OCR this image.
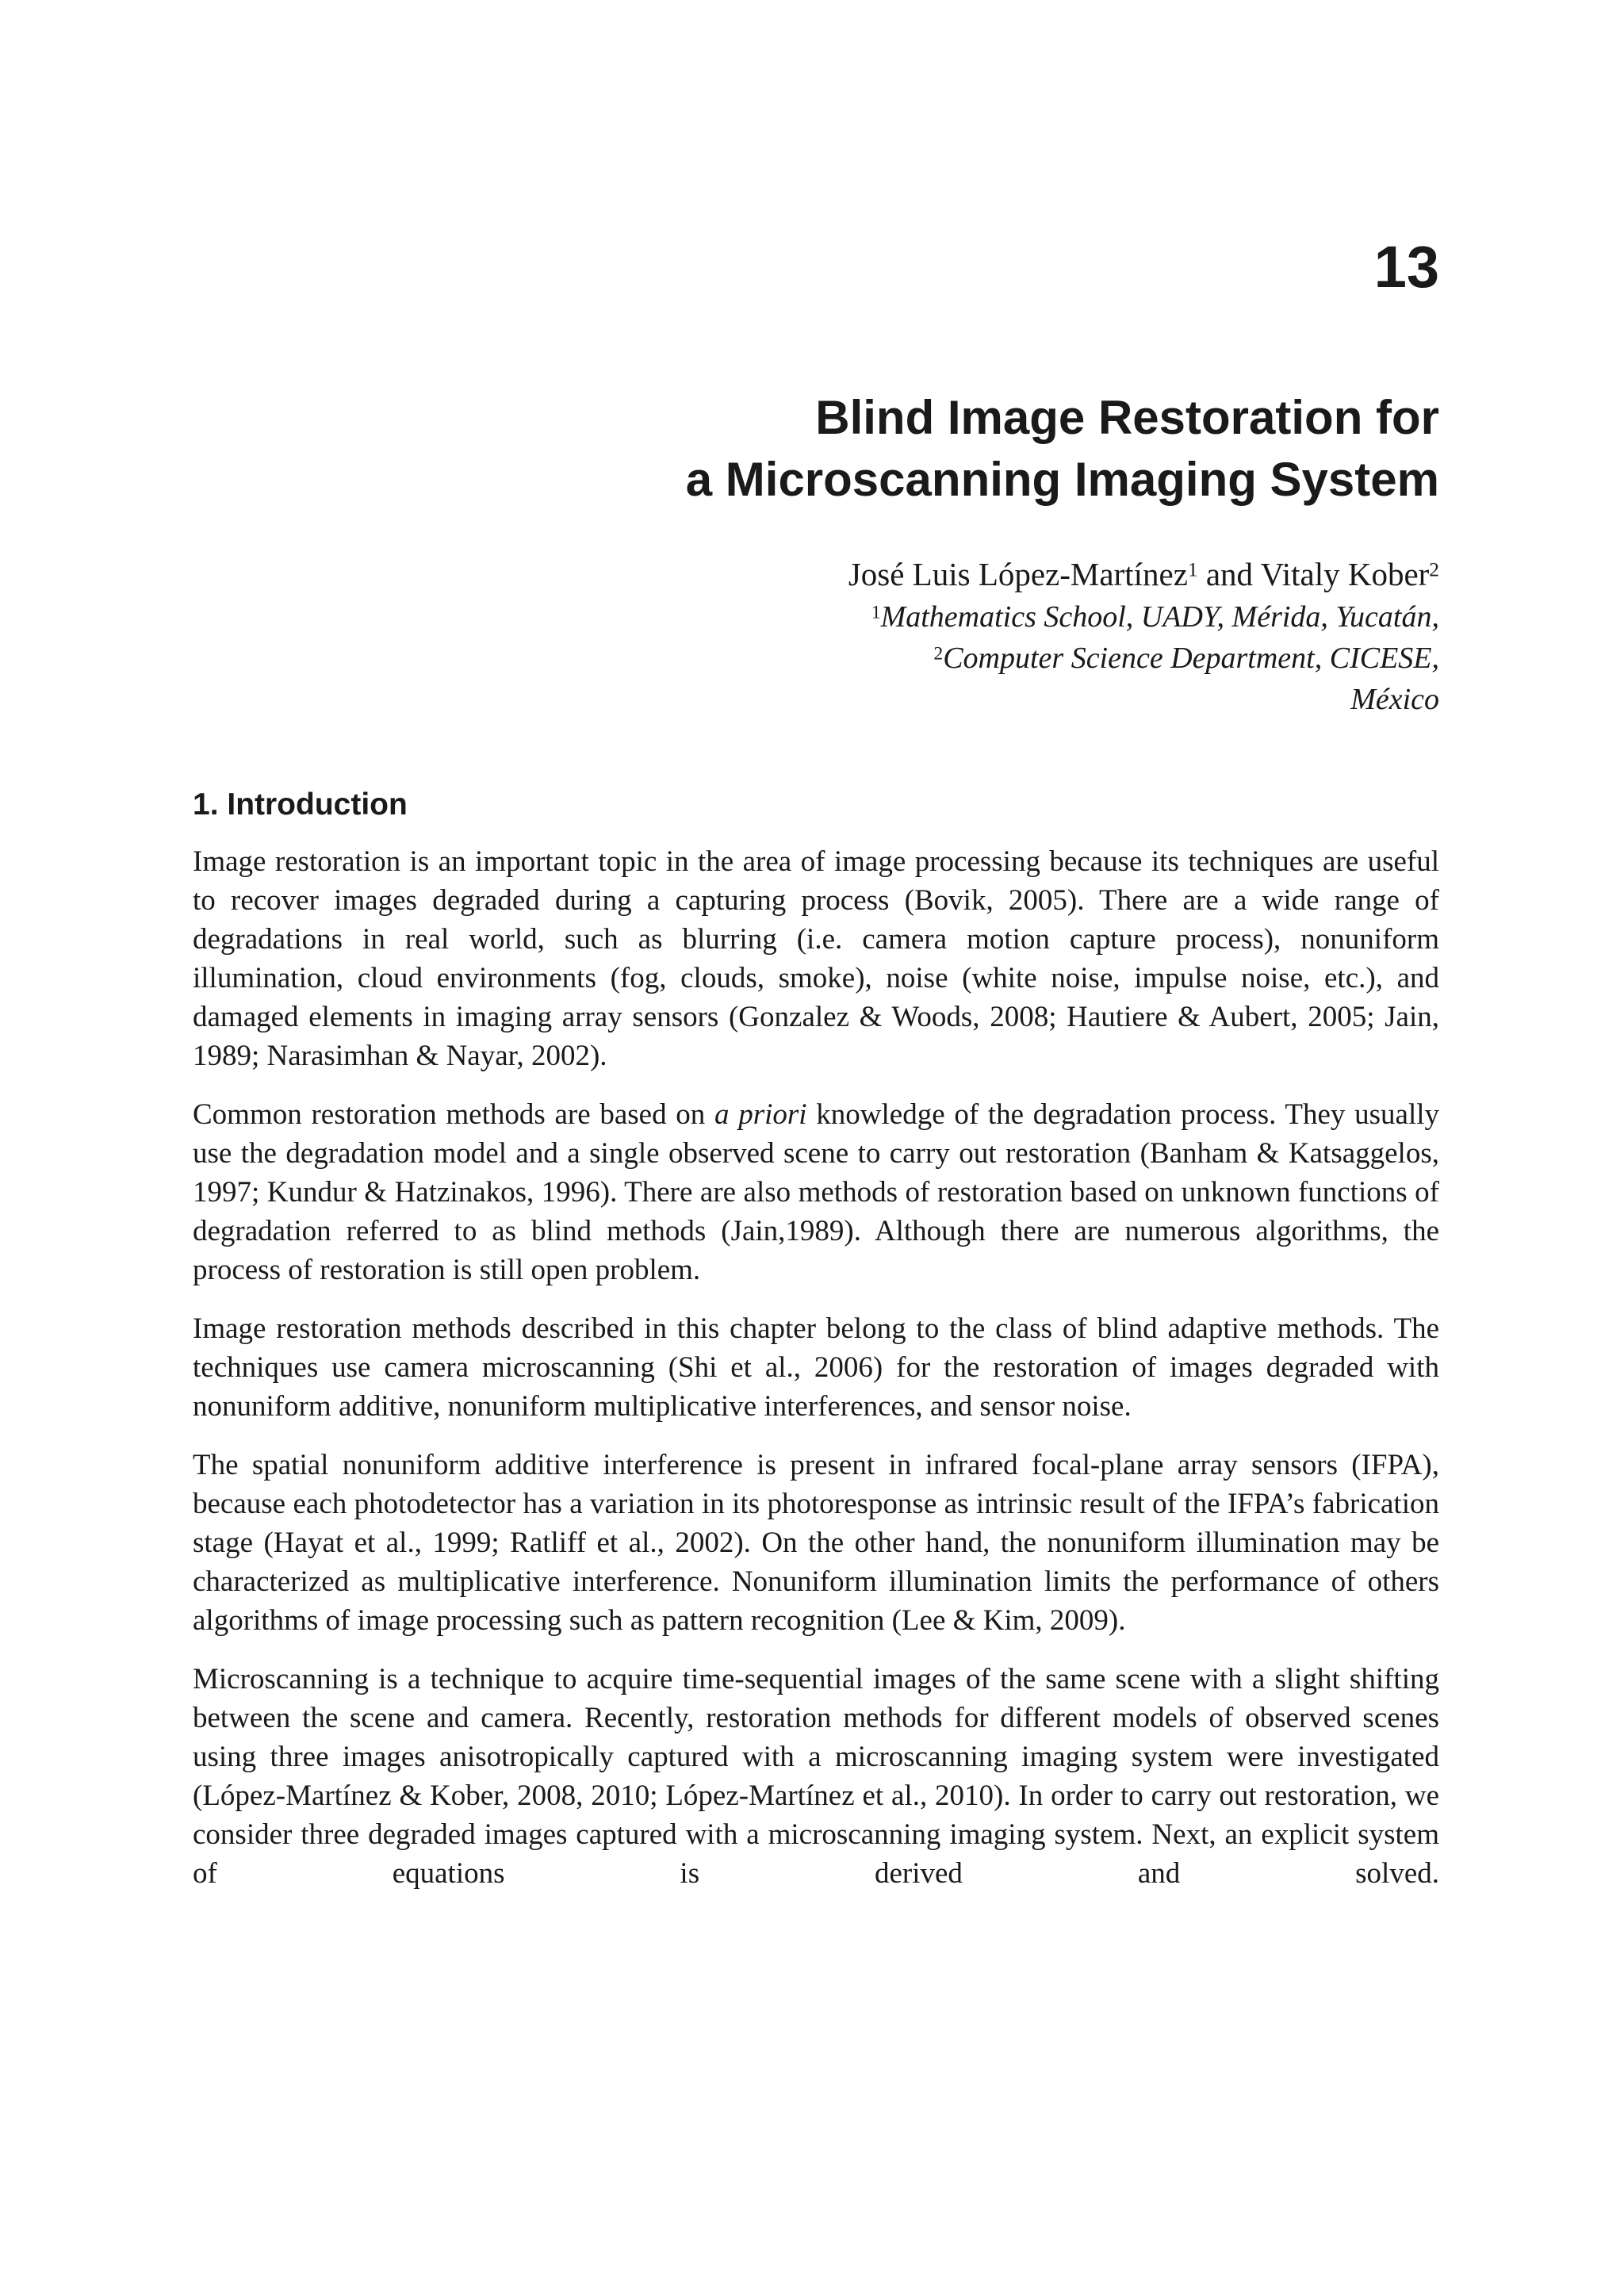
13
Blind Image Restoration for
a Microscanning Imaging System

José Luis López-Martínez$^1$ and Vitaly Kober$^2$

$^1$Mathematics School, UADY, Mérida, Yucatán,

$^2$Computer Science Department, CICESE,

México

1. Introduction

Image restoration is an important topic in the area of image processing because its techniques are useful to recover images degraded during a capturing process (Bovik, 2005). There are a wide range of degradations in real world, such as blurring (i.e. camera motion capture process), nonuniform illumination, cloud environments (fog, clouds, smoke), noise (white noise, impulse noise, etc.), and damaged elements in imaging array sensors (Gonzalez & Woods, 2008; Hautiere & Aubert, 2005; Jain, 1989; Narasimhan & Nayar, 2002).

Common restoration methods are based on a priori knowledge of the degradation process. They usually use the degradation model and a single observed scene to carry out restoration (Banham & Katsaggelos, 1997; Kundur & Hatzinakos, 1996). There are also methods of restoration based on unknown functions of degradation referred to as blind methods (Jain,1989). Although there are numerous algorithms, the process of restoration is still open problem.

Image restoration methods described in this chapter belong to the class of blind adaptive methods. The techniques use camera microscanning (Shi et al., 2006) for the restoration of images degraded with nonuniform additive, nonuniform multiplicative interferences, and sensor noise.

The spatial nonuniform additive interference is present in infrared focal-plane array sensors (IFPA), because each photodetector has a variation in its photoresponse as intrinsic result of the IFPA’s fabrication stage (Hayat et al., 1999; Ratliff et al., 2002). On the other hand, the nonuniform illumination may be characterized as multiplicative interference. Nonuniform illumination limits the performance of others algorithms of image processing such as pattern recognition (Lee & Kim, 2009).

Microscanning is a technique to acquire time-sequential images of the same scene with a slight shifting between the scene and camera. Recently, restoration methods for different models of observed scenes using three images anisotropically captured with a microscanning imaging system were investigated (López-Martínez & Kober, 2008, 2010; López-Martínez et al., 2010). In order to carry out restoration, we consider three degraded images captured with a microscanning imaging system. Next, an explicit system of equations is derived and solved.
